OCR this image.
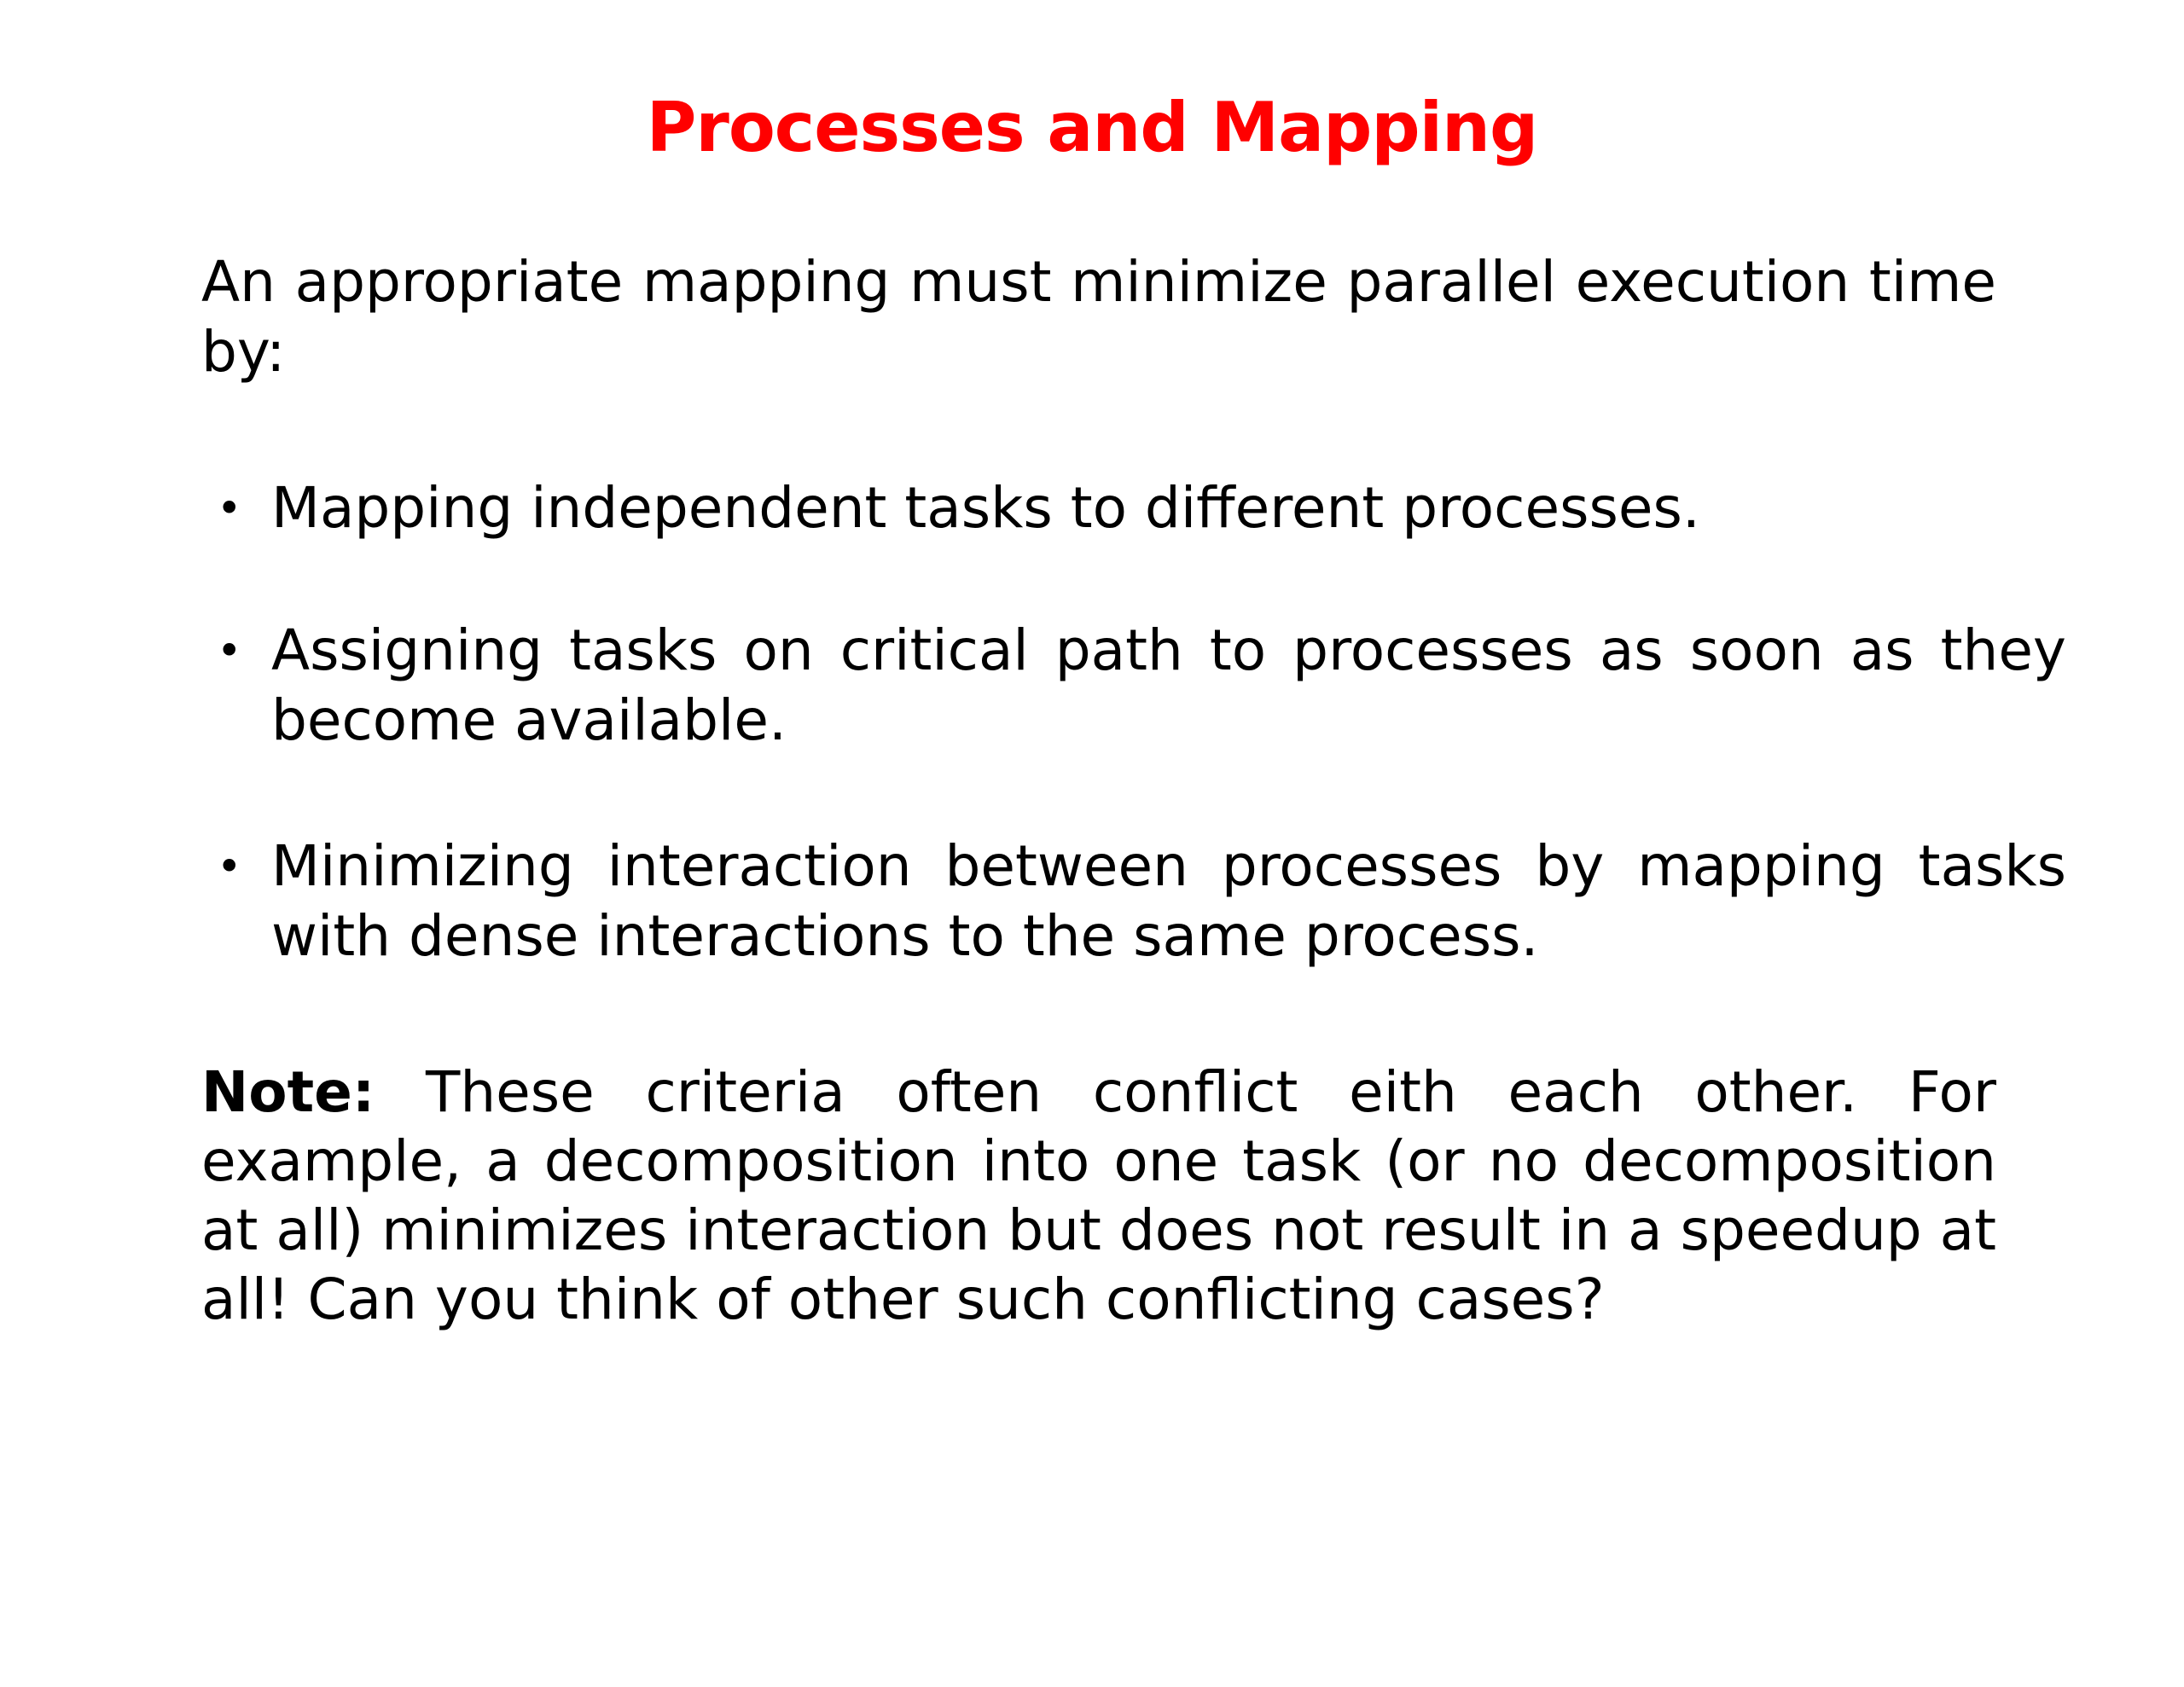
Processes and Mapping
An appropriate mapping must minimize parallel execution time by:
• Mapping independent tasks to different processes.
• Assigning tasks on critical path to processes as soon as they become available.
• Minimizing interaction between processes by mapping tasks with dense interactions to the same process.
Note: These criteria often conflict eith each other. For example, a decomposition into one task (or no decomposition at all) minimizes interaction but does not result in a speedup at all! Can you think of other such conflicting cases?
